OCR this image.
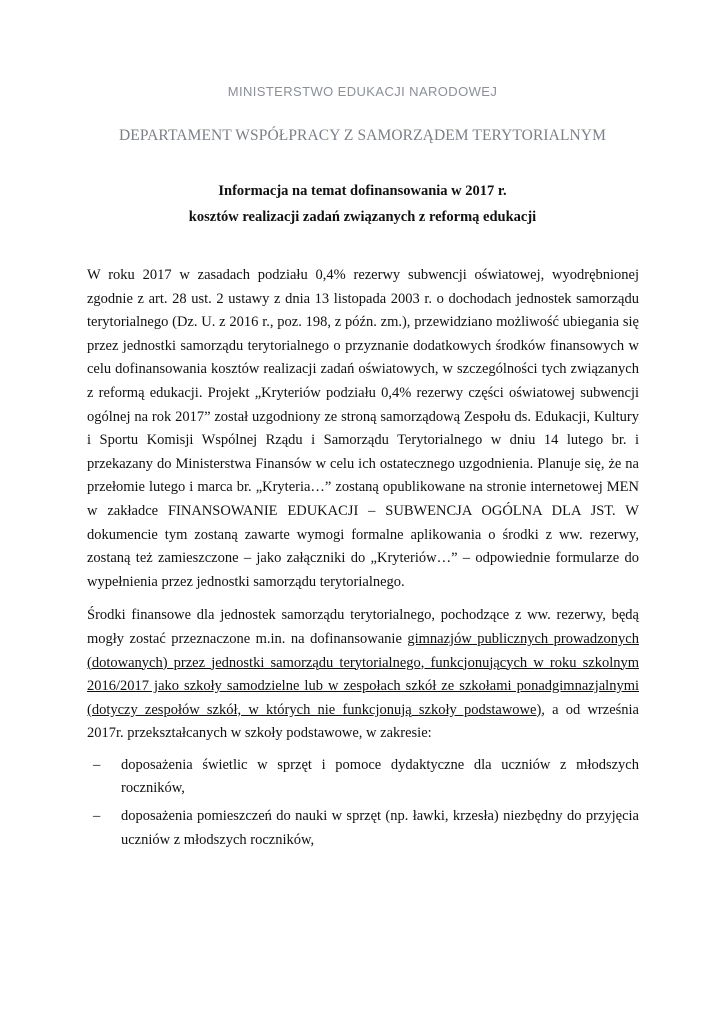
MINISTERSTWO EDUKACJI NARODOWEJ
DEPARTAMENT WSPÓŁPRACY Z SAMORZĄDEM TERYTORIALNYM
Informacja na temat dofinansowania w 2017 r.
kosztów realizacji zadań związanych z reformą edukacji

W roku 2017 w zasadach podziału 0,4% rezerwy subwencji oświatowej, wyodrębnionej zgodnie z art. 28 ust. 2 ustawy z dnia 13 listopada 2003 r. o dochodach jednostek samorządu terytorialnego (Dz. U. z 2016 r., poz. 198, z późn. zm.), przewidziano możliwość ubiegania się przez jednostki samorządu terytorialnego o przyznanie dodatkowych środków finansowych w celu dofinansowania kosztów realizacji zadań oświatowych, w szczególności tych związanych z reformą edukacji. Projekt „Kryteriów podziału 0,4% rezerwy części oświatowej subwencji ogólnej na rok 2017” został uzgodniony ze stroną samorządową Zespołu ds. Edukacji, Kultury i Sportu Komisji Wspólnej Rządu i Samorządu Terytorialnego w dniu 14 lutego br. i przekazany do Ministerstwa Finansów w celu ich ostatecznego uzgodnienia. Planuje się, że na przełomie lutego i marca br. „Kryteria…” zostaną opublikowane na stronie internetowej MEN w zakładce FINANSOWANIE EDUKACJI – SUBWENCJA OGÓLNA DLA JST. W dokumencie tym zostaną zawarte wymogi formalne aplikowania o środki z ww. rezerwy, zostaną też zamieszczone – jako załączniki do „Kryteriów…” – odpowiednie formularze do wypełnienia przez jednostki samorządu terytorialnego.

Środki finansowe dla jednostek samorządu terytorialnego, pochodzące z ww. rezerwy, będą mogły zostać przeznaczone m.in. na dofinansowanie gimnazjów publicznych prowadzonych (dotowanych) przez jednostki samorządu terytorialnego, funkcjonujących w roku szkolnym 2016/2017 jako szkoły samodzielne lub w zespołach szkół ze szkołami ponadgimnazjalnymi (dotyczy zespołów szkół, w których nie funkcjonują szkoły podstawowe), a od września 2017r. przekształcanych w szkoły podstawowe, w zakresie:

– doposażenia świetlic w sprzęt i pomoce dydaktyczne dla uczniów z młodszych roczników,
– doposażenia pomieszczeń do nauki w sprzęt (np. ławki, krzesła) niezbędny do przyjęcia uczniów z młodszych roczników,
